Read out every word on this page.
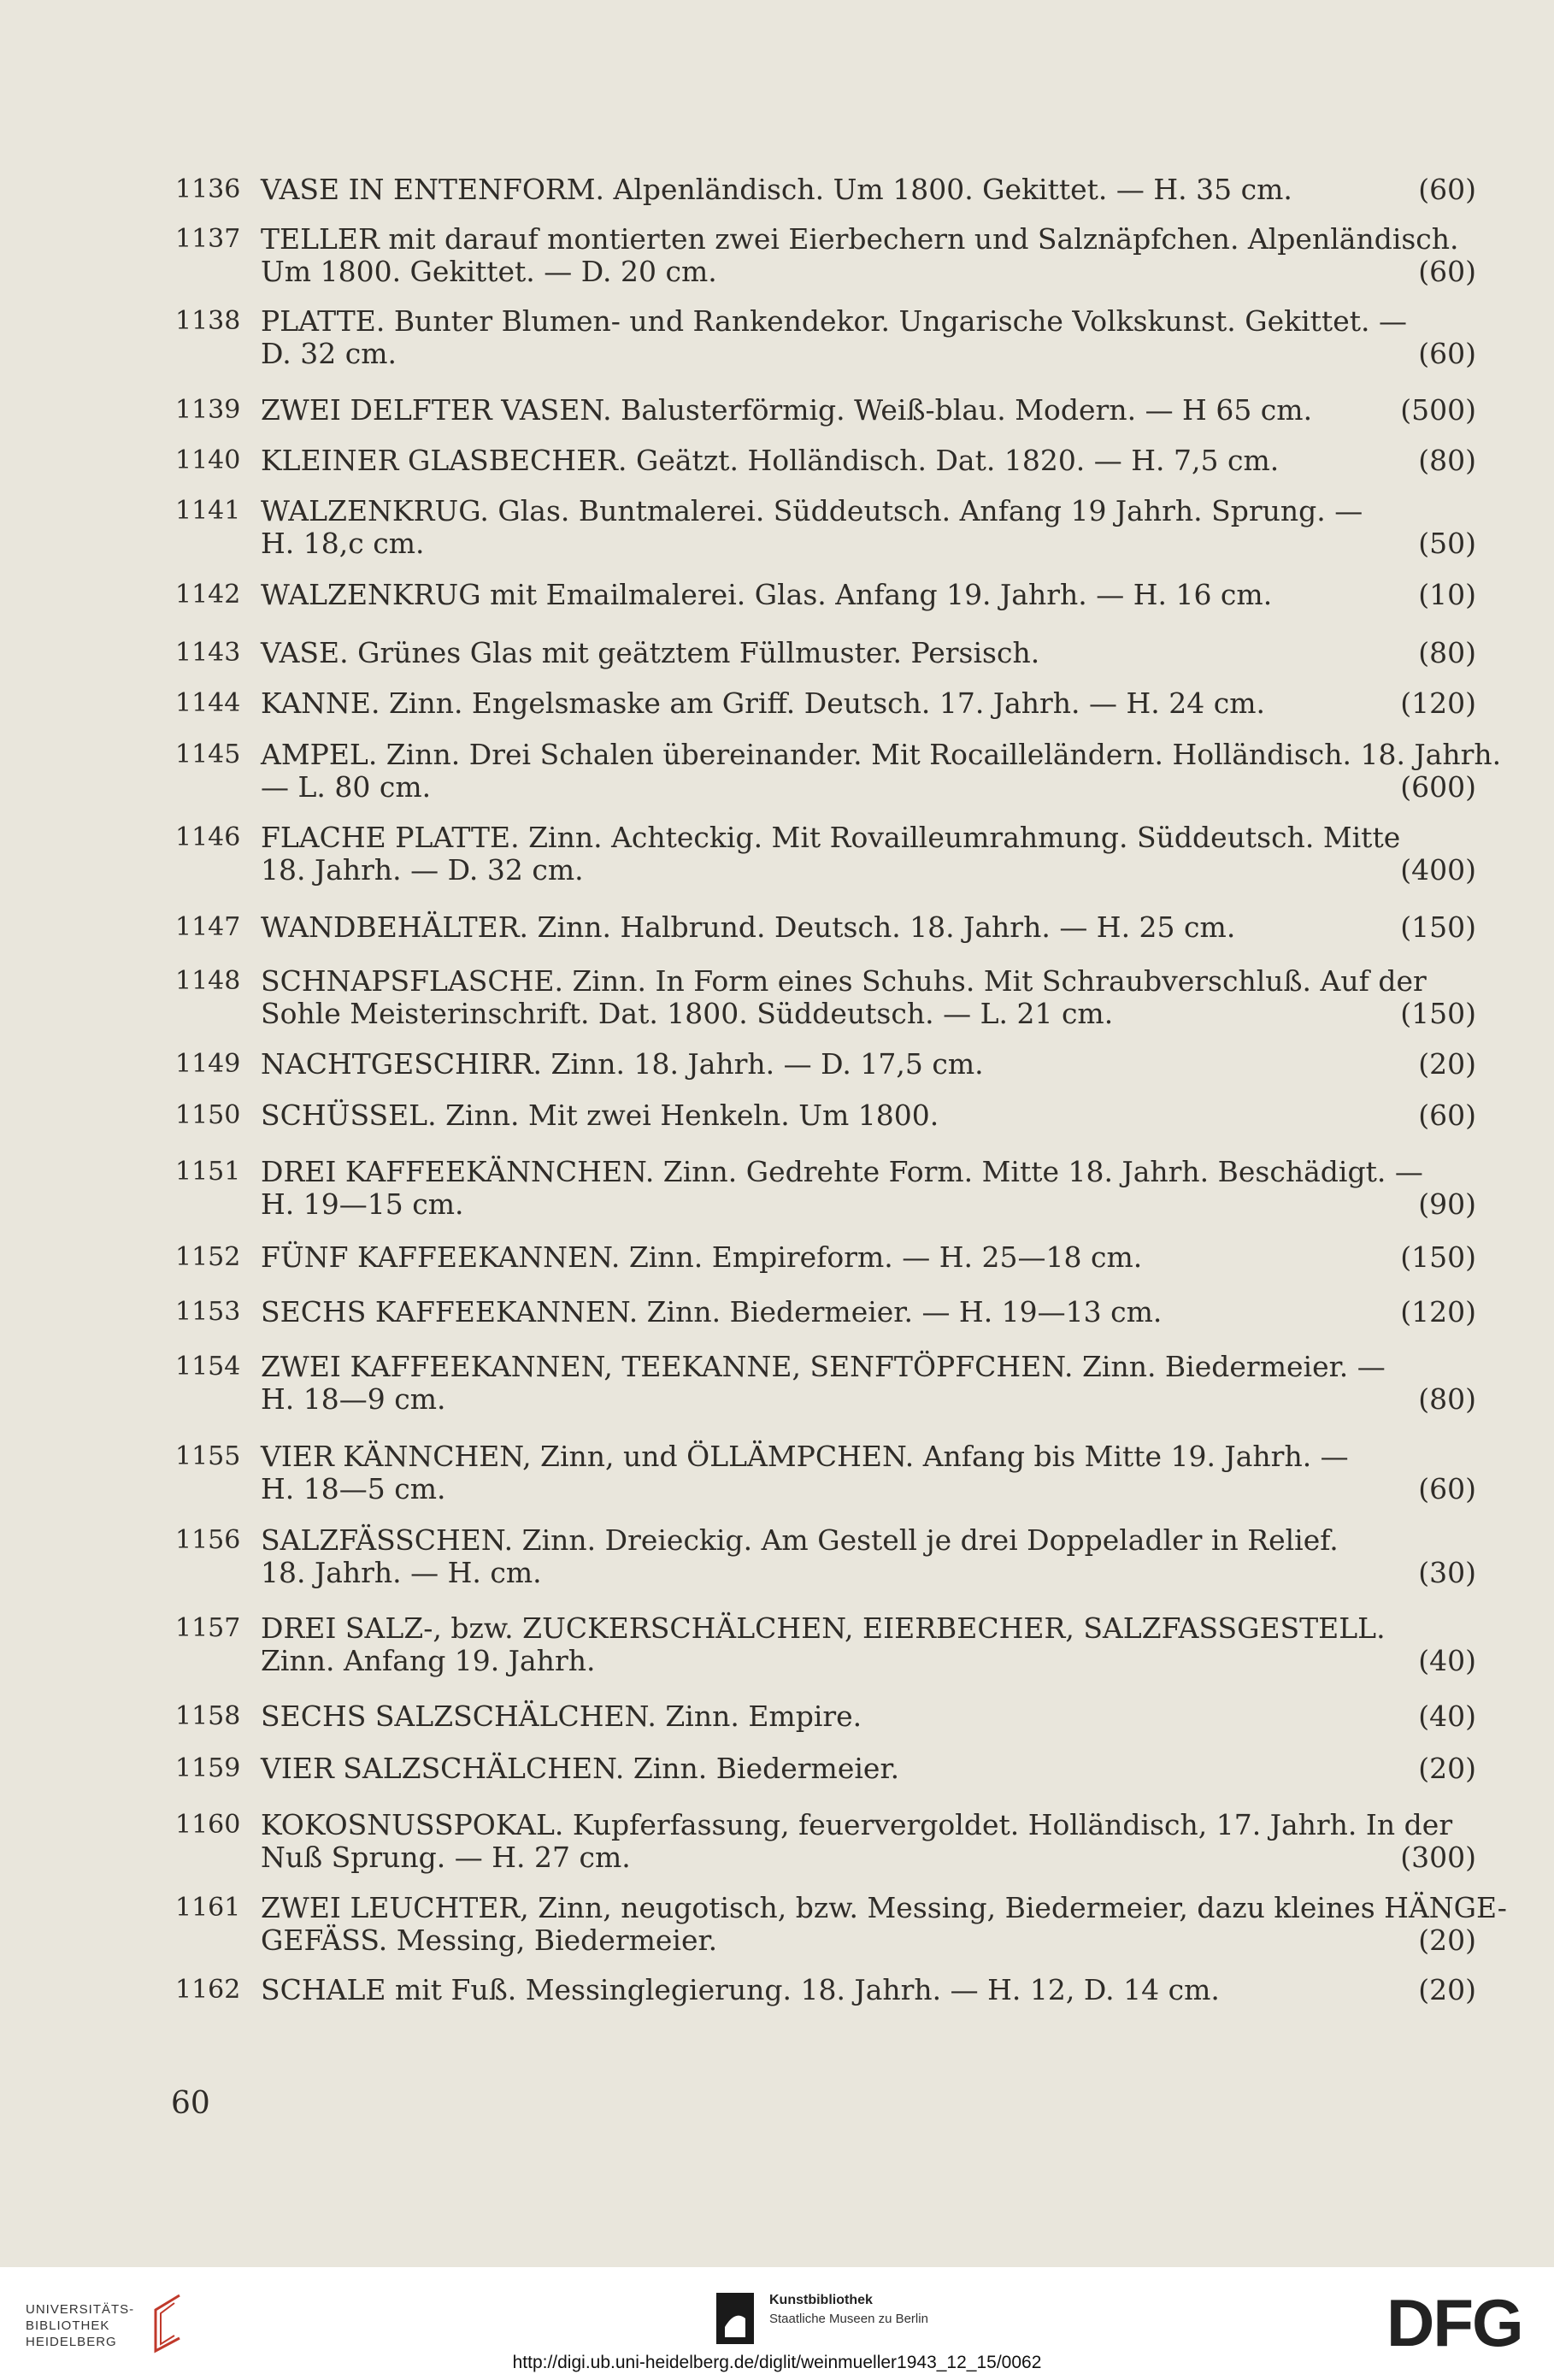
1136 VASE IN ENTENFORM. Alpenländisch. Um 1800. Gekittet. — H. 35 cm.	(60)
1137 TELLER mit darauf montierten zwei Eierbechern und Salznäpfchen. Alpenländisch.
Um 1800. Gekittet. — D. 20 cm.	(60)
1138 PLATTE. Bunter Blumen- und Rankendekor. Ungarische Volkskunst. Gekittet. —
D. 32 cm.	(60)
1139 ZWEI DELFTER VASEN. Balusterförmig. Weiß-blau. Modern. — H 65 cm.	(500)
1140 KLEINER GLASBECHER. Geätzt. Holländisch. Dat. 1820. — H. 7,5 cm.	(80)
1141 WALZENKRUG. Glas. Buntmalerei. Süddeutsch. Anfang 19 Jahrh. Sprung. —
H. 18,c cm.	(50)
1142 WALZENKRUG mit Emailmalerei. Glas. Anfang 19. Jahrh. — H. 16 cm.	(10)
1143 VASE. Grünes Glas mit geätztem Füllmuster. Persisch.	(80)
1144 KANNE. Zinn. Engelsmaske am Griff. Deutsch. 17. Jahrh. — H. 24 cm.	(120)
1145 AMPEL. Zinn. Drei Schalen übereinander. Mit Rocailleländern. Holländisch. 18. Jahrh.
— L. 80 cm.	(600)
1146 FLACHE PLATTE. Zinn. Achteckig. Mit Rovailleumrahmung. Süddeutsch. Mitte
18. Jahrh. — D. 32 cm.	(400)
1147 WANDBEHÄLTER. Zinn. Halbrund. Deutsch. 18. Jahrh. — H. 25 cm.	(150)
1148 SCHNAPSFLASCHE. Zinn. In Form eines Schuhs. Mit Schraubverschluß. Auf der
Sohle Meisterinschrift. Dat. 1800. Süddeutsch. — L. 21 cm.	(150)
1149 NACHTGESCHIRR. Zinn. 18. Jahrh. — D. 17,5 cm.	(20)
1150 SCHÜSSEL. Zinn. Mit zwei Henkeln. Um 1800.	(60)
1151 DREI KAFFEEKÄNNCHEN. Zinn. Gedrehte Form. Mitte 18. Jahrh. Beschädigt. —
H. 19—15 cm.	(90)
1152 FÜNF KAFFEEKANNEN. Zinn. Empireform. — H. 25—18 cm.	(150)
1153 SECHS KAFFEEKANNEN. Zinn. Biedermeier. — H. 19—13 cm.	(120)
1154 ZWEI KAFFEEKANNEN, TEEKANNE, SENFTÖPFCHEN. Zinn. Biedermeier. —
H. 18—9 cm.	(80)
1155 VIER KÄNNCHEN, Zinn, und ÖLLÄMPCHEN. Anfang bis Mitte 19. Jahrh. —
H. 18—5 cm.	(60)
1156 SALZFÄSSCHEN. Zinn. Dreieckig. Am Gestell je drei Doppeladler in Relief.
18. Jahrh. — H. cm.	(30)
1157 DREI SALZ-, bzw. ZUCKERSCHÄLCHEN, EIERBECHER, SALZFASSGESTELL.
Zinn. Anfang 19. Jahrh.	(40)
1158 SECHS SALZSCHÄLCHEN. Zinn. Empire.	(40)
1159 VIER SALZSCHÄLCHEN. Zinn. Biedermeier.	(20)
1160 KOKOSNUSSPOKAL. Kupferfassung, feuervergoldet. Holländisch, 17. Jahrh. In der
Nuß Sprung. — H. 27 cm.	(300)
1161 ZWEI LEUCHTER, Zinn, neugotisch, bzw. Messing, Biedermeier, dazu kleines HÄNGE-
GEFÄSS. Messing, Biedermeier.	(20)
1162 SCHALE mit Fuß. Messinglegierung. 18. Jahrh. — H. 12, D. 14 cm.	(20)
60
UNIVERSITÄTS-
BIBLIOTHEK
HEIDELBERG
Kunstbibliothek
Staatliche Museen zu Berlin	DFG
http://digi.ub.uni-heidelberg.de/diglit/weinmueller1943_12_15/0062
